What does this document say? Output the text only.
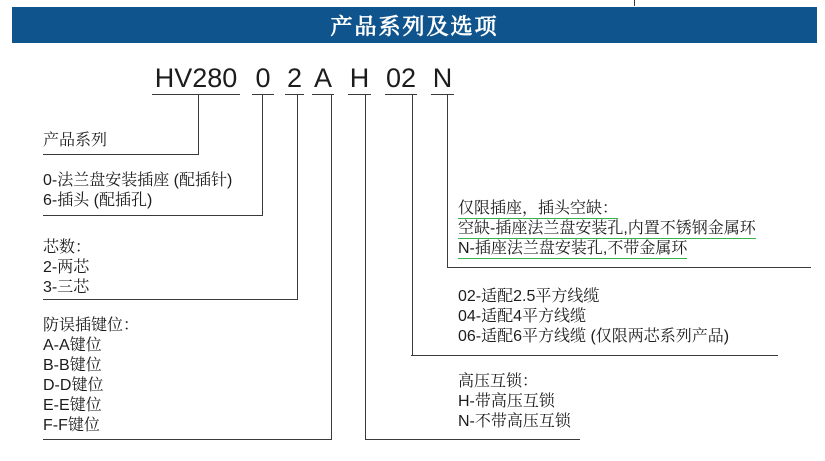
产品系列及选项
HV280 0 2 A H 02 N
产品系列
0-法兰盘安装插座 (配插针)
6-插头 (配插孔)
芯数：
2-两芯
3-三芯
防误插键位：
A-A键位
B-B键位
D-D键位
E-E键位
F-F键位
仅限插座，插头空缺：
空缺-插座法兰盘安装孔,内置不锈钢金属环
N-插座法兰盘安装孔,不带金属环
02-适配2.5平方线缆
04-适配4平方线缆
06-适配6平方线缆 (仅限两芯系列产品)
高压互锁：
H-带高压互锁
N-不带高压互锁
